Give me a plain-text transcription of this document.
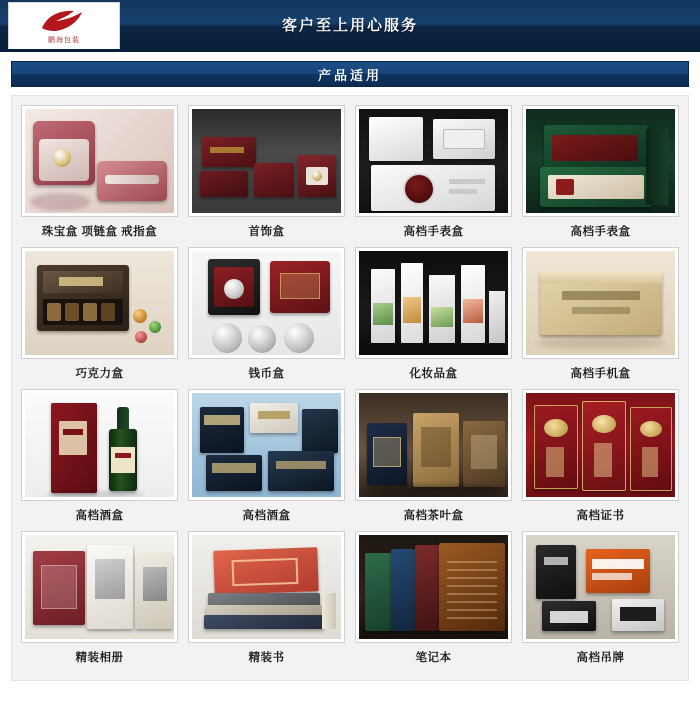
鹏海包装
客户至上用心服务
产品适用
珠宝盒 项链盒 戒指盒	首饰盒	高档手表盒	高档手表盒
巧克力盒	钱币盒	化妆品盒	高档手机盒
高档酒盒	高档酒盒	高档茶叶盒	高档证书
精装相册	精装书	笔记本	高档吊牌
